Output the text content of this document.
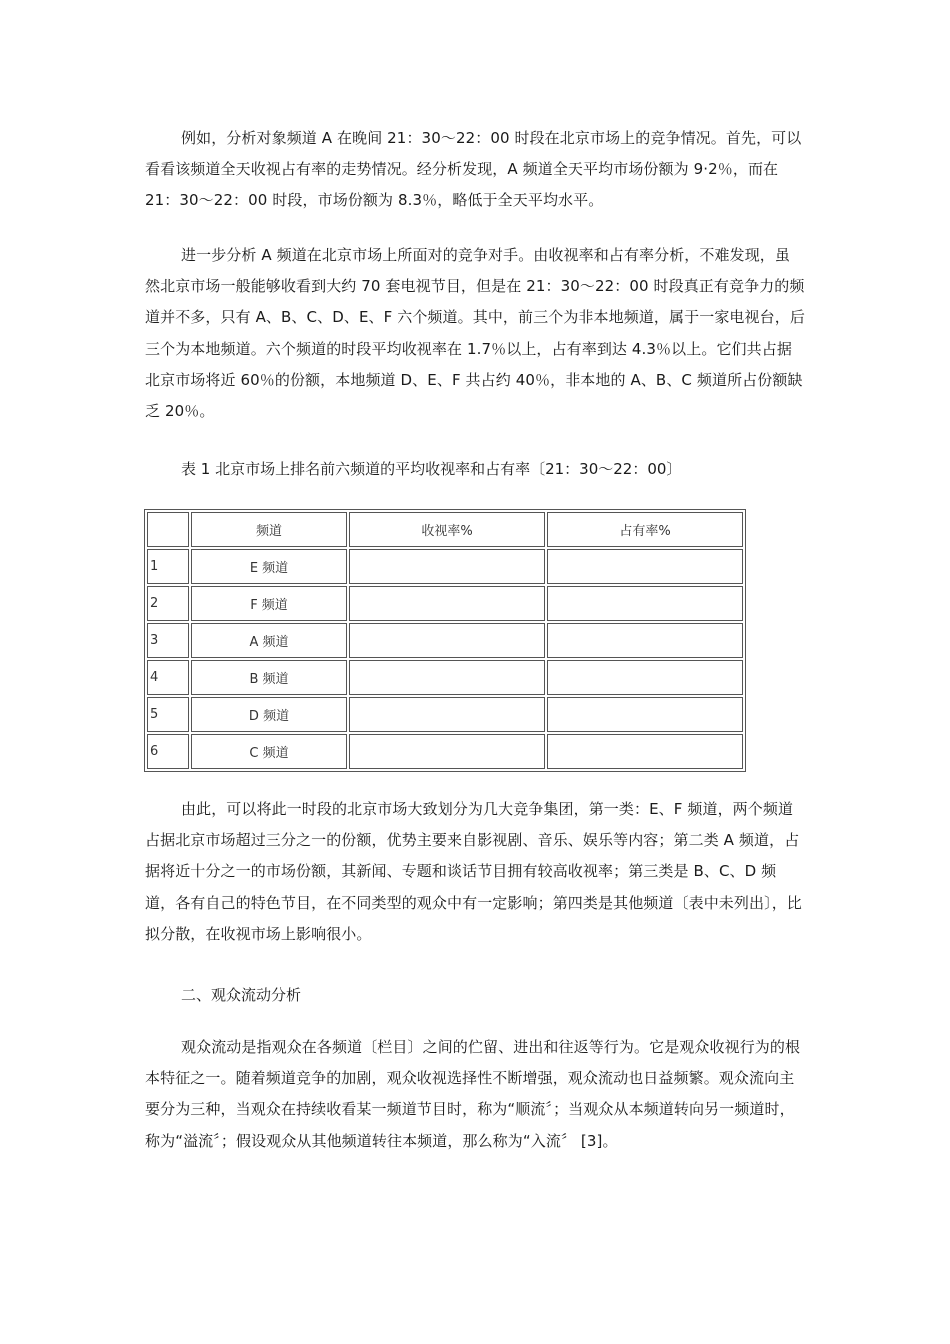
例如，分析对象频道 A 在晚间 21：30～22：00 时段在北京市场上的竞争情况。首先，可以看看该频道全天收视占有率的走势情况。经分析发现，A 频道全天平均市场份额为 9·2％，而在 21：30～22：00 时段，市场份额为 8.3％，略低于全天平均水平。

进一步分析 A 频道在北京市场上所面对的竞争对手。由收视率和占有率分析，不难发现，虽然北京市场一般能够收看到大约 70 套电视节目，但是在 21：30～22：00 时段真正有竞争力的频道并不多，只有 A、B、C、D、E、F 六个频道。其中，前三个为非本地频道，属于一家电视台，后三个为本地频道。六个频道的时段平均收视率在 1.7％以上，占有率到达 4.3％以上。它们共占据北京市场将近 60％的份额，本地频道 D、E、F 共占约 40％，非本地的 A、B、C 频道所占份额缺乏 20％。

表 1 北京市场上排名前六频道的平均收视率和占有率〔21：30～22：00〕

	频道	收视率%	占有率%
1	E 频道		
2	F 频道		
3	A 频道		
4	B 频道		
5	D 频道		
6	C 频道		

由此，可以将此一时段的北京市场大致划分为几大竞争集团，第一类：E、F 频道，两个频道占据北京市场超过三分之一的份额，优势主要来自影视剧、音乐、娱乐等内容；第二类 A 频道，占据将近十分之一的市场份额，其新闻、专题和谈话节目拥有较高收视率；第三类是 B、C、D 频道，各有自己的特色节目，在不同类型的观众中有一定影响；第四类是其他频道〔表中未列出〕，比拟分散，在收视市场上影响很小。

二、观众流动分析

观众流动是指观众在各频道〔栏目〕之间的伫留、进出和往返等行为。它是观众收视行为的根本特征之一。随着频道竞争的加剧，观众收视选择性不断增强，观众流动也日益频繁。观众流向主要分为三种，当观众在持续收看某一频道节目时，称为“顺流〞；当观众从本频道转向另一频道时，称为“溢流〞；假设观众从其他频道转往本频道，那么称为“入流〞 [3]。
